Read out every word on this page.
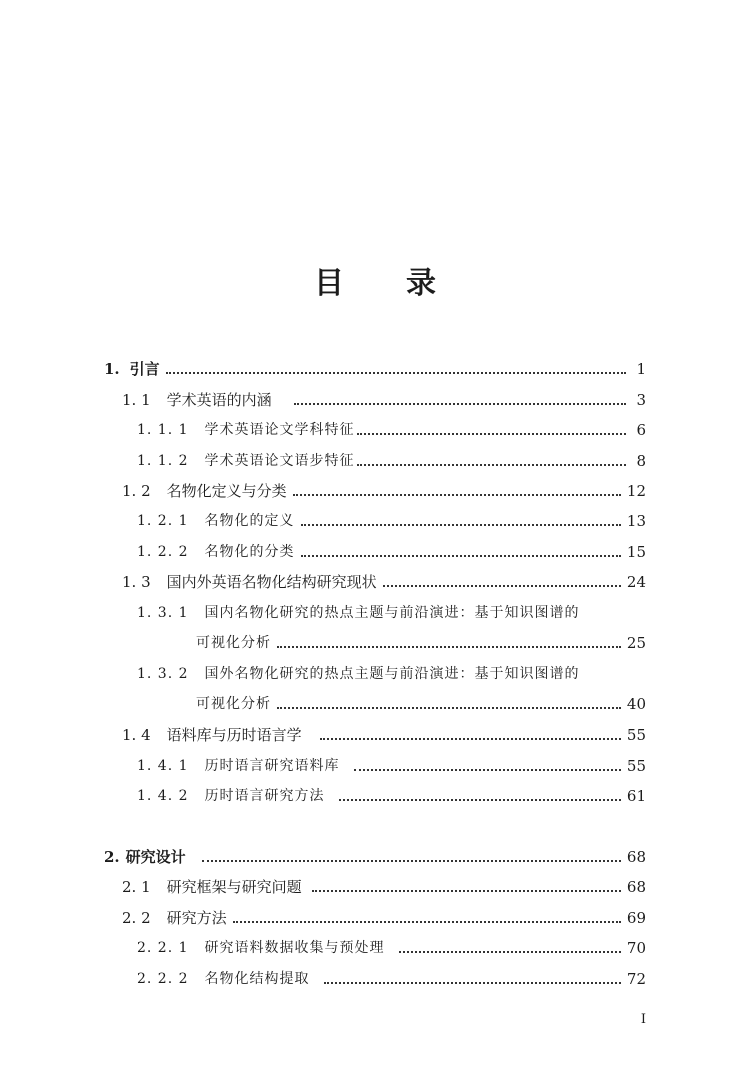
目 录
1. 引言	1
1. 1 学术英语的内涵	3
1. 1. 1 学术英语论文学科特征	6
1. 1. 2 学术英语论文语步特征	8
1. 2 名物化定义与分类	12
1. 2. 1 名物化的定义	13
1. 2. 2 名物化的分类	15
1. 3 国内外英语名物化结构研究现状	24
1. 3. 1 国内名物化研究的热点主题与前沿演进：基于知识图谱的
可视化分析	25
1. 3. 2 国外名物化研究的热点主题与前沿演进：基于知识图谱的
可视化分析	40
1. 4 语料库与历时语言学	55
1. 4. 1 历时语言研究语料库	55
1. 4. 2 历时语言研究方法	61
2. 研究设计	68
2. 1 研究框架与研究问题	68
2. 2 研究方法	69
2. 2. 1 研究语料数据收集与预处理	70
2. 2. 2 名物化结构提取	72
I
